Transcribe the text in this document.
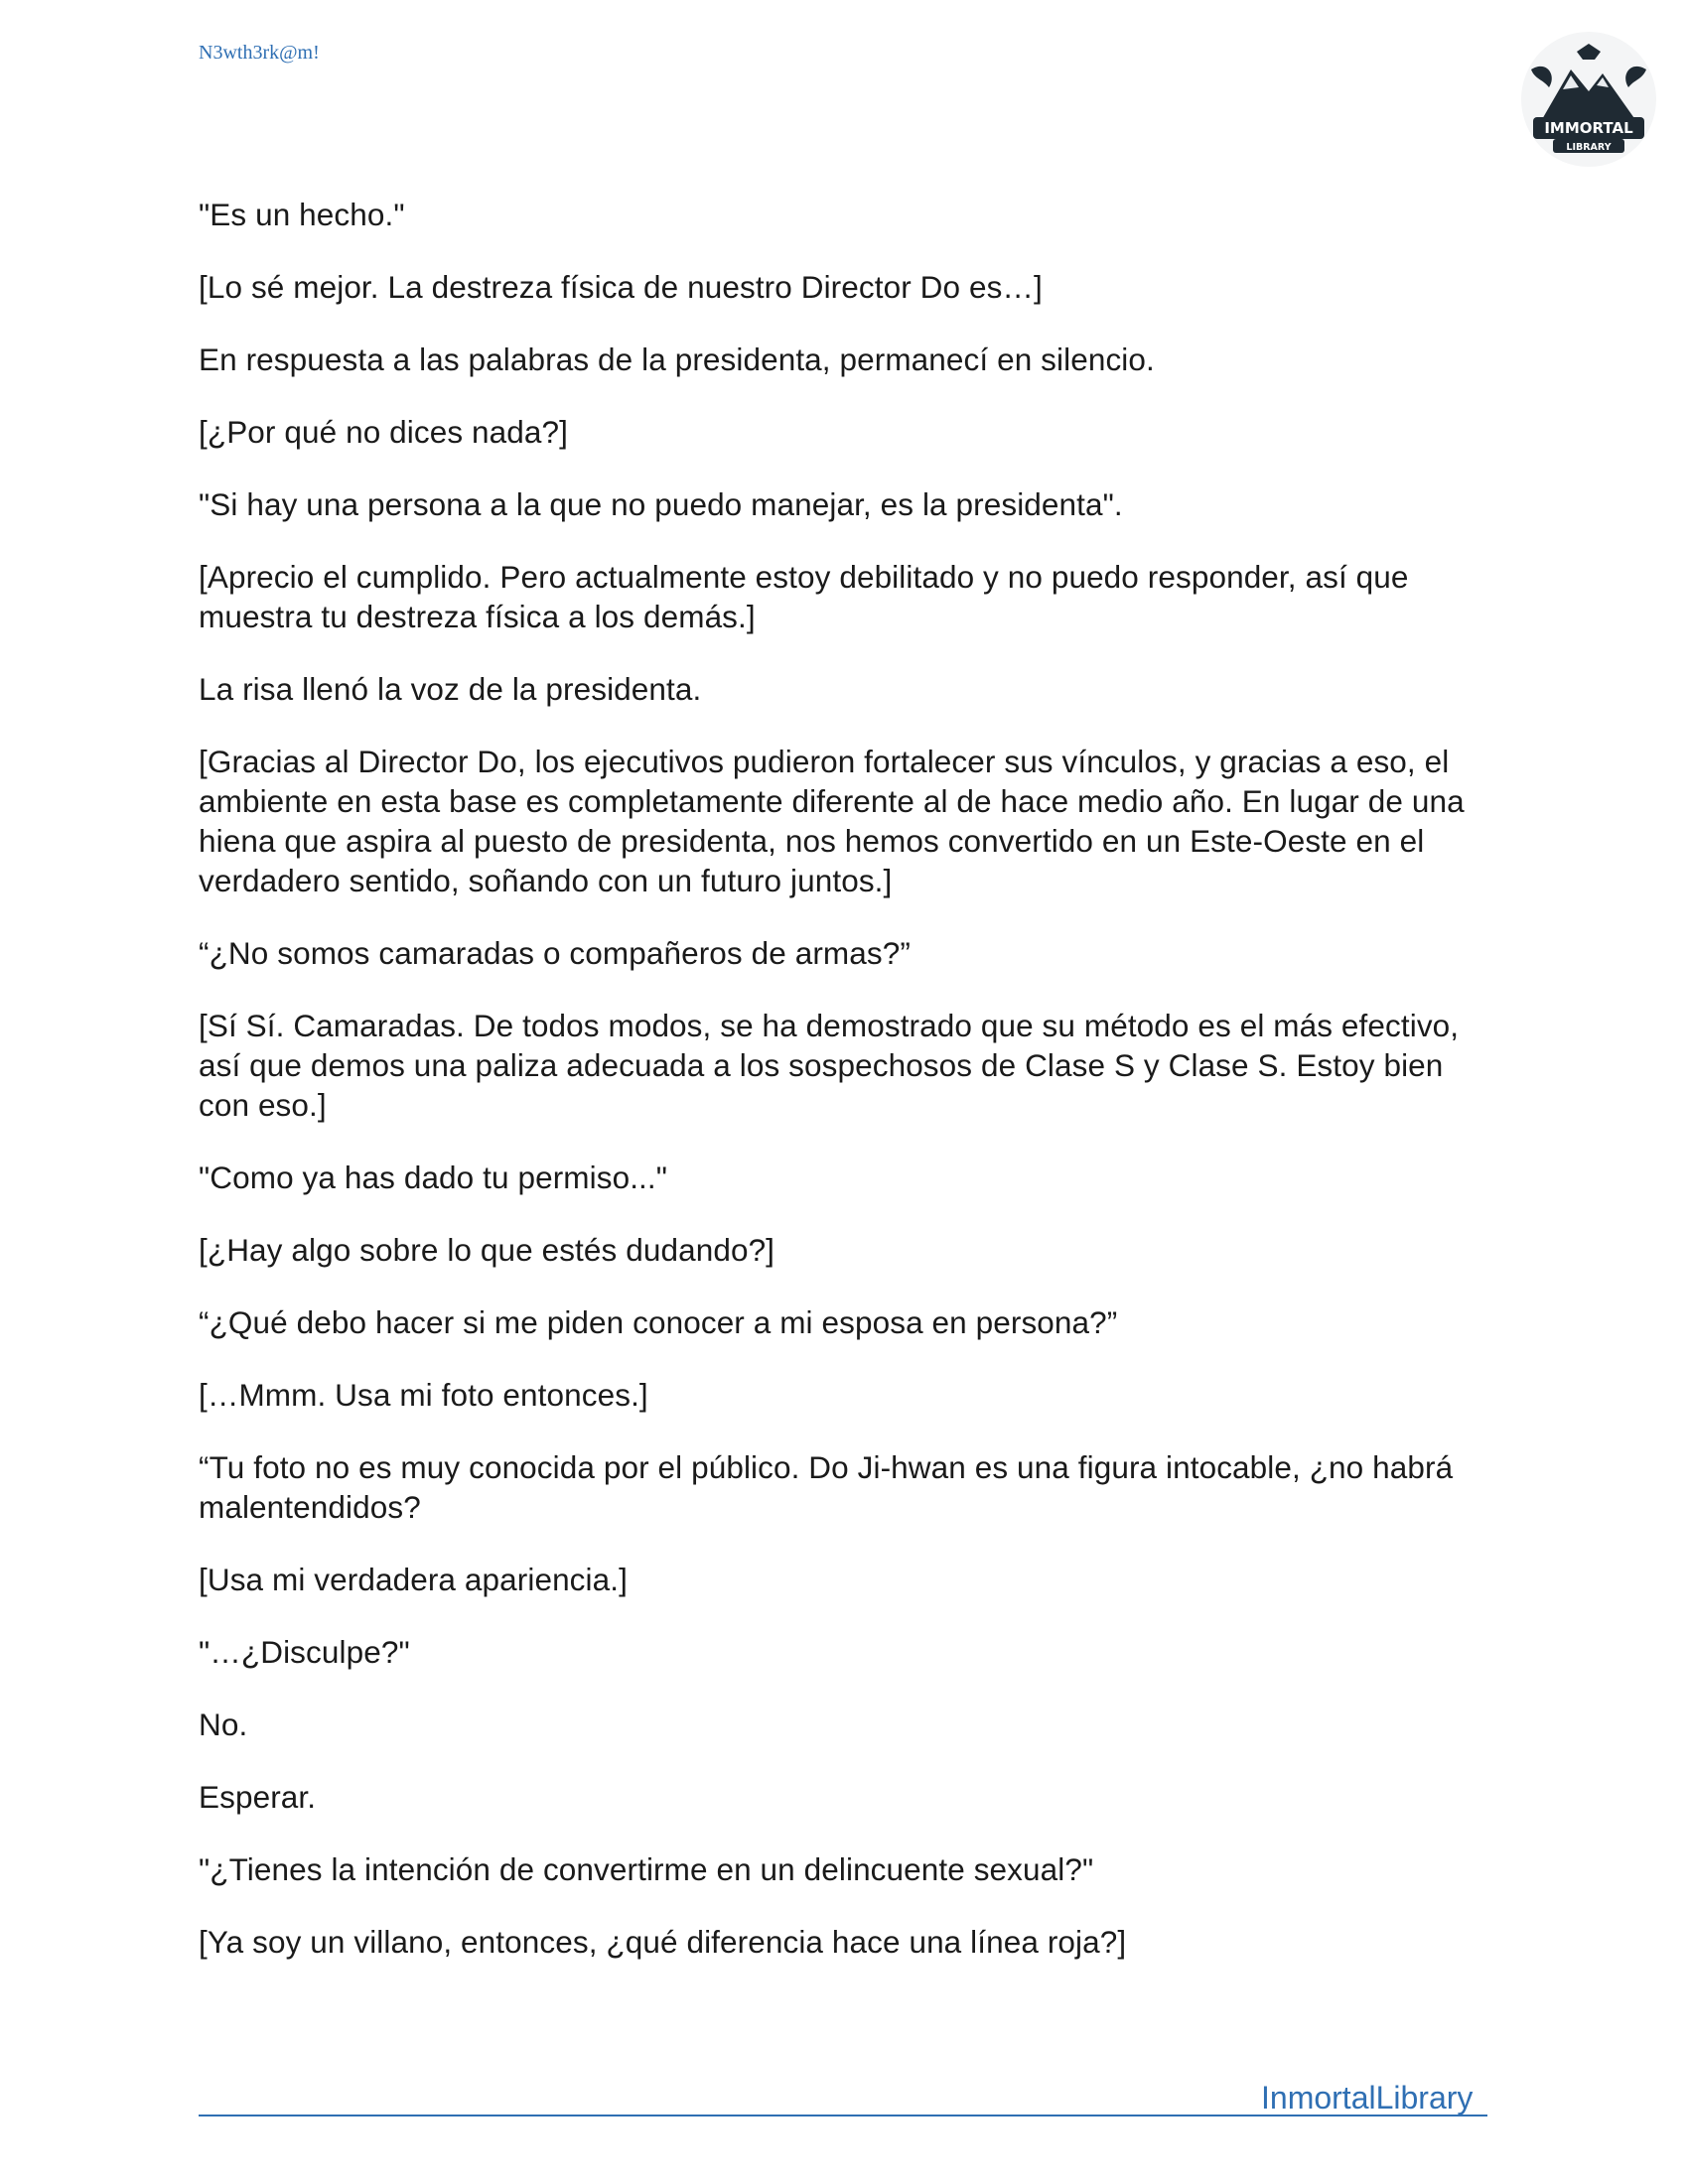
N3wth3rk@m!
IMMORTAL
LIBRARY

"Es un hecho."

[Lo sé mejor. La destreza física de nuestro Director Do es…]

En respuesta a las palabras de la presidenta, permanecí en silencio.

[¿Por qué no dices nada?]

"Si hay una persona a la que no puedo manejar, es la presidenta".

[Aprecio el cumplido. Pero actualmente estoy debilitado y no puedo responder, así que muestra tu destreza física a los demás.]

La risa llenó la voz de la presidenta.

[Gracias al Director Do, los ejecutivos pudieron fortalecer sus vínculos, y gracias a eso, el ambiente en esta base es completamente diferente al de hace medio año. En lugar de una hiena que aspira al puesto de presidenta, nos hemos convertido en un Este-Oeste en el verdadero sentido, soñando con un futuro juntos.]

“¿No somos camaradas o compañeros de armas?”

[Sí Sí. Camaradas. De todos modos, se ha demostrado que su método es el más efectivo, así que demos una paliza adecuada a los sospechosos de Clase S y Clase S. Estoy bien con eso.]

"Como ya has dado tu permiso..."

[¿Hay algo sobre lo que estés dudando?]

“¿Qué debo hacer si me piden conocer a mi esposa en persona?”

[…Mmm. Usa mi foto entonces.]

“Tu foto no es muy conocida por el público. Do Ji-hwan es una figura intocable, ¿no habrá malentendidos?

[Usa mi verdadera apariencia.]

"…¿Disculpe?"

No.

Esperar.

"¿Tienes la intención de convertirme en un delincuente sexual?"

[Ya soy un villano, entonces, ¿qué diferencia hace una línea roja?]

InmortalLibrary
